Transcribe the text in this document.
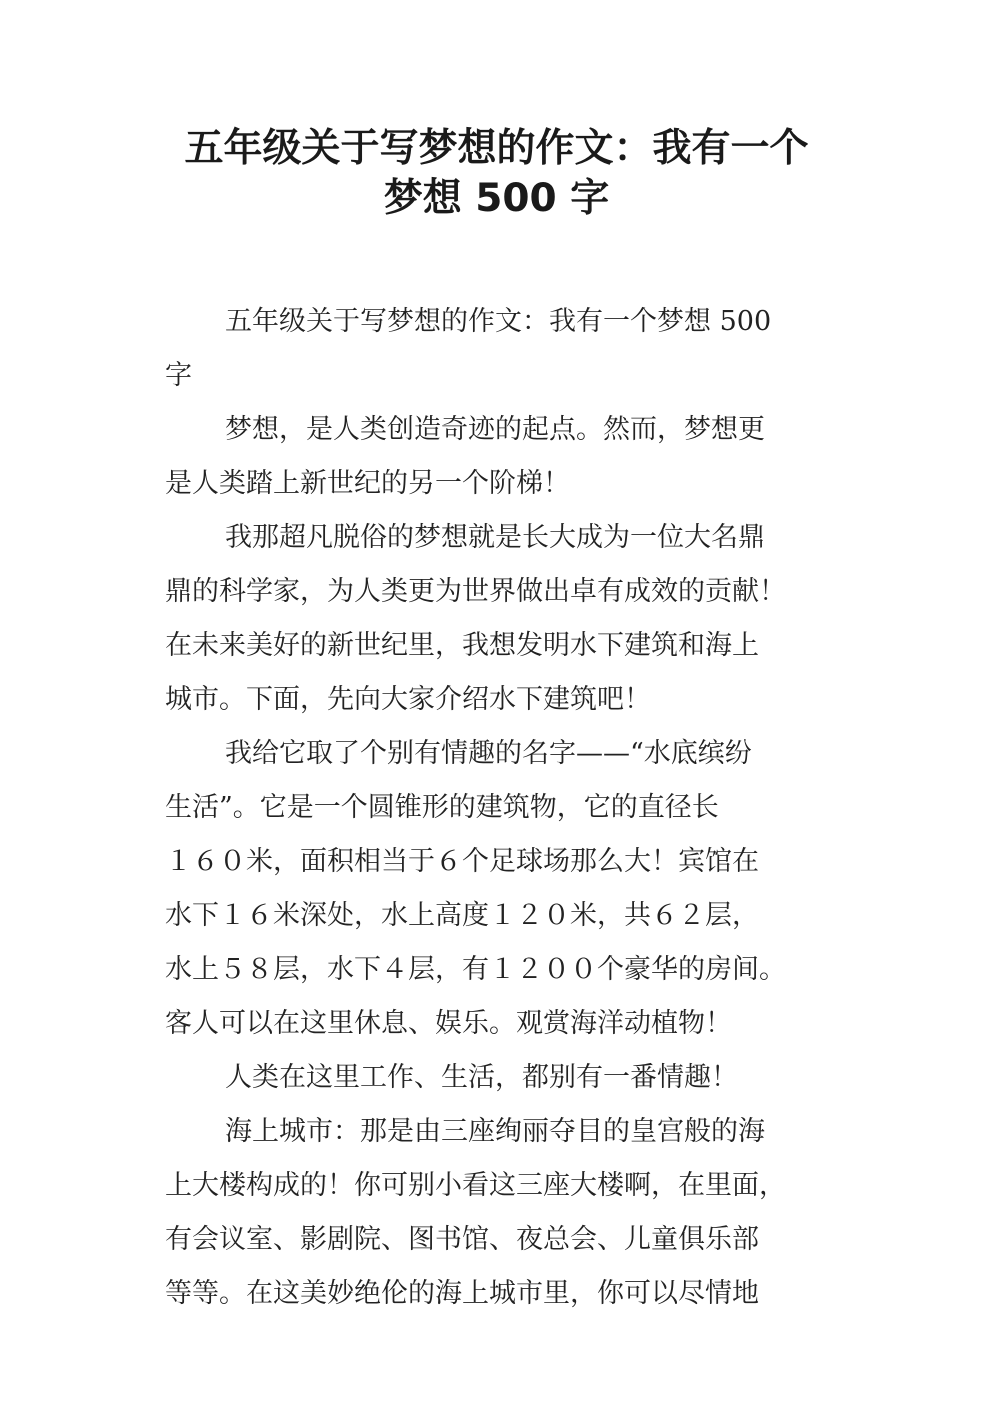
五年级关于写梦想的作文：我有一个
梦想 500 字
五年级关于写梦想的作文：我有一个梦想 500
字
梦想，是人类创造奇迹的起点。然而，梦想更
是人类踏上新世纪的另一个阶梯！
我那超凡脱俗的梦想就是长大成为一位大名鼎
鼎的科学家，为人类更为世界做出卓有成效的贡献！
在未来美好的新世纪里，我想发明水下建筑和海上
城市。下面，先向大家介绍水下建筑吧！
我给它取了个别有情趣的名字——“水底缤纷
生活”。它是一个圆锥形的建筑物，它的直径长
１６０米，面积相当于６个足球场那么大！宾馆在
水下１６米深处，水上高度１２０米，共６２层，
水上５８层，水下４层，有１２００个豪华的房间。
客人可以在这里休息、娱乐。观赏海洋动植物！
人类在这里工作、生活，都别有一番情趣！
海上城市：那是由三座绚丽夺目的皇宫般的海
上大楼构成的！你可别小看这三座大楼啊，在里面，
有会议室、影剧院、图书馆、夜总会、儿童俱乐部
等等。在这美妙绝伦的海上城市里，你可以尽情地
